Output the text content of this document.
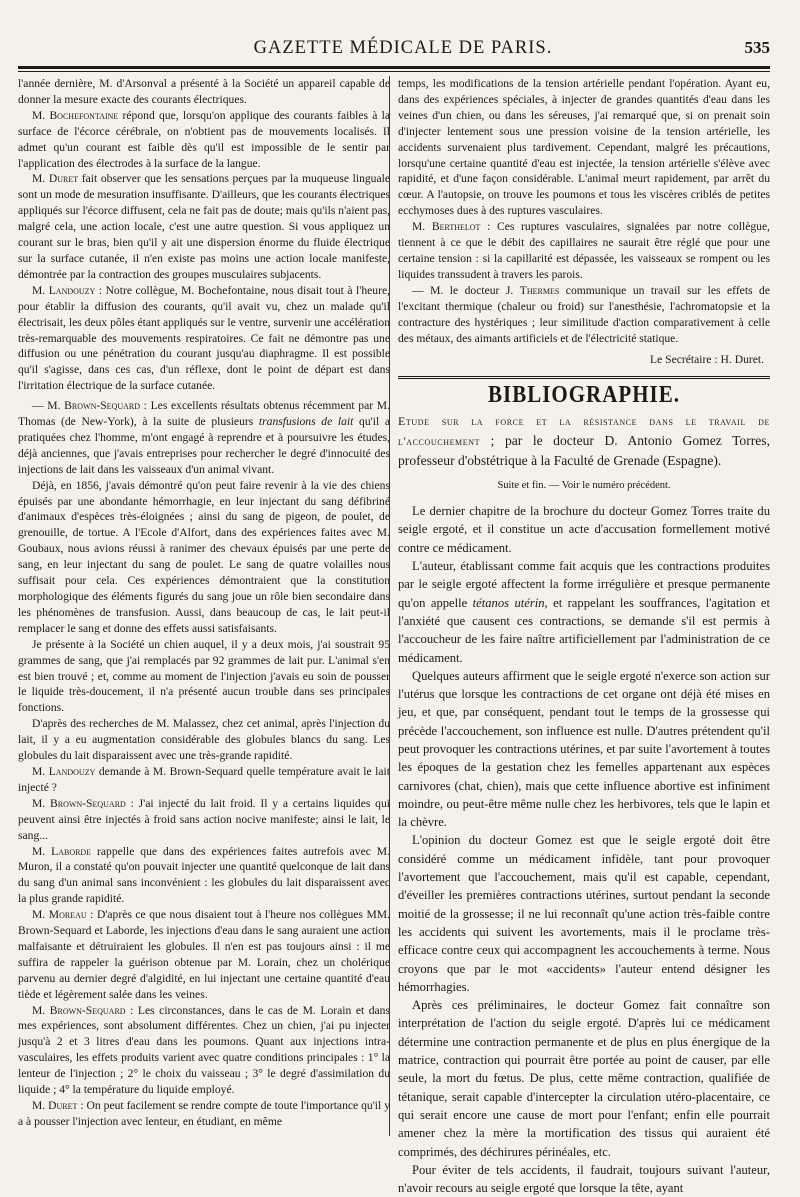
GAZETTE MÉDICALE DE PARIS.	535

l'année dernière, M. d'Arsonval a présenté à la Société un appareil capable de donner la mesure exacte des courants électriques.

M. Bochefontaine répond que, lorsqu'on applique des courants faibles à la surface de l'écorce cérébrale, on n'obtient pas de mouvements localisés. Il admet qu'un courant est faible dès qu'il est impossible de le sentir par l'application des électrodes à la surface de la langue.

M. Duret fait observer que les sensations perçues par la muqueuse linguale sont un mode de mesuration insuffisante. D'ailleurs, que les courants électriques appliqués sur l'écorce diffusent, cela ne fait pas de doute; mais qu'ils n'aient pas, malgré cela, une action locale, c'est une autre question. Si vous appliquez un courant sur le bras, bien qu'il y ait une dispersion énorme du fluide électrique sur la surface cutanée, il n'en existe pas moins une action locale manifeste, démontrée par la contraction des groupes musculaires subjacents.

M. Landouzy : Notre collègue, M. Bochefontaine, nous disait tout à l'heure, pour établir la diffusion des courants, qu'il avait vu, chez un malade qu'il électrisait, les deux pôles étant appliqués sur le ventre, survenir une accélération très-remarquable des mouvements respiratoires. Ce fait ne démontre pas une diffusion ou une pénétration du courant jusqu'au diaphragme. Il est possible qu'il s'agisse, dans ces cas, d'un réflexe, dont le point de départ est dans l'irritation électrique de la surface cutanée.

— M. Brown-Sequard : Les excellents résultats obtenus récemment par M. Thomas (de New-York), à la suite de plusieurs transfusions de lait qu'il a pratiquées chez l'homme, m'ont engagé à reprendre et à poursuivre les études, déjà anciennes, que j'avais entreprises pour rechercher le degré d'innocuité des injections de lait dans les vaisseaux d'un animal vivant.

Déjà, en 1856, j'avais démontré qu'on peut faire revenir à la vie des chiens épuisés par une abondante hémorrhagie, en leur injectant du sang défibriné d'animaux d'espèces très-éloignées ; ainsi du sang de pigeon, de poulet, de grenouille, de tortue. A l'Ecole d'Alfort, dans des expériences faites avec M. Goubaux, nous avions réussi à ranimer des chevaux épuisés par une perte de sang, en leur injectant du sang de poulet. Le sang de quatre volailles nous suffisait pour cela. Ces expériences démontraient que la constitution morphologique des éléments figurés du sang joue un rôle bien secondaire dans les phénomènes de transfusion. Aussi, dans beaucoup de cas, le lait peut-il remplacer le sang et donne des effets aussi satisfaisants.

Je présente à la Société un chien auquel, il y a deux mois, j'ai soustrait 95 grammes de sang, que j'ai remplacés par 92 grammes de lait pur. L'animal s'en est bien trouvé ; et, comme au moment de l'injection j'avais eu soin de pousser le liquide très-doucement, il n'a présenté aucun trouble dans ses principales fonctions.

D'après des recherches de M. Malassez, chez cet animal, après l'injection du lait, il y a eu augmentation considérable des globules blancs du sang. Les globules du lait disparaissent avec une très-grande rapidité.

M. Landouzy demande à M. Brown-Sequard quelle température avait le lait injecté ?

M. Brown-Sequard : J'ai injecté du lait froid. Il y a certains liquides qui peuvent ainsi être injectés à froid sans action nocive manifeste; ainsi le lait, le sang...

M. Laborde rappelle que dans des expériences faites autrefois avec M. Muron, il a constaté qu'on pouvait injecter une quantité quelconque de lait dans du sang d'un animal sans inconvénient : les globules du lait disparaissent avec la plus grande rapidité.

M. Moreau : D'après ce que nous disaient tout à l'heure nos collègues MM. Brown-Sequard et Laborde, les injections d'eau dans le sang auraient une action malfaisante et détruiraient les globules. Il n'en est pas toujours ainsi : il me suffira de rappeler la guérison obtenue par M. Lorain, chez un cholérique parvenu au dernier degré d'algidité, en lui injectant une certaine quantité d'eau tiède et légèrement salée dans les veines.

M. Brown-Sequard : Les circonstances, dans le cas de M. Lorain et dans mes expériences, sont absolument différentes. Chez un chien, j'ai pu injecter jusqu'à 2 et 3 litres d'eau dans les poumons. Quant aux injections intra-vasculaires, les effets produits varient avec quatre conditions principales : 1° la lenteur de l'injection ; 2° le choix du vaisseau ; 3° le degré d'assimilation du liquide ; 4° la température du liquide employé.

M. Duret : On peut facilement se rendre compte de toute l'importance qu'il y a à pousser l'injection avec lenteur, en étudiant, en même

temps, les modifications de la tension artérielle pendant l'opération. Ayant eu, dans des expériences spéciales, à injecter de grandes quantités d'eau dans les veines d'un chien, ou dans les séreuses, j'ai remarqué que, si on prenait soin d'injecter lentement sous une pression voisine de la tension artérielle, les accidents survenaient plus tardivement. Cependant, malgré les précautions, lorsqu'une certaine quantité d'eau est injectée, la tension artérielle s'élève avec rapidité, et d'une façon considérable. L'animal meurt rapidement, par arrêt du cœur. A l'autopsie, on trouve les poumons et tous les viscères criblés de petites ecchymoses dues à des ruptures vasculaires.

M. Berthelot : Ces ruptures vasculaires, signalées par notre collègue, tiennent à ce que le débit des capillaires ne saurait être réglé que pour une certaine tension : si la capillarité est dépassée, les vaisseaux se rompent ou les liquides transsudent à travers les parois.

— M. le docteur J. Thermes communique un travail sur les effets de l'excitant thermique (chaleur ou froid) sur l'anesthésie, l'achromatopsie et la contracture des hystériques ; leur similitude d'action comparativement à celle des métaux, des aimants artificiels et de l'électricité statique.

Le Secrétaire : H. Duret.

BIBLIOGRAPHIE.

Etude sur la force et la résistance dans le travail de l'accouchement ; par le docteur D. Antonio Gomez Torres, professeur d'obstétrique à la Faculté de Grenade (Espagne).

Suite et fin. — Voir le numéro précédent.

Le dernier chapitre de la brochure du docteur Gomez Torres traite du seigle ergoté, et il constitue un acte d'accusation formellement motivé contre ce médicament.

L'auteur, établissant comme fait acquis que les contractions produites par le seigle ergoté affectent la forme irrégulière et presque permanente qu'on appelle tétanos utérin, et rappelant les souffrances, l'agitation et l'anxiété que causent ces contractions, se demande s'il est permis à l'accoucheur de les faire naître artificiellement par l'administration de ce médicament.

Quelques auteurs affirment que le seigle ergoté n'exerce son action sur l'utérus que lorsque les contractions de cet organe ont déjà été mises en jeu, et que, par conséquent, pendant tout le temps de la grossesse qui précède l'accouchement, son influence est nulle. D'autres prétendent qu'il peut provoquer les contractions utérines, et par suite l'avortement à toutes les époques de la gestation chez les femelles appartenant aux espèces carnivores (chat, chien), mais que cette influence abortive est infiniment moindre, ou peut-être même nulle chez les herbivores, tels que le lapin et la chèvre.

L'opinion du docteur Gomez est que le seigle ergoté doit être considéré comme un médicament infidèle, tant pour provoquer l'avortement que l'accouchement, mais qu'il est capable, cependant, d'éveiller les premières contractions utérines, surtout pendant la seconde moitié de la grossesse; il ne lui reconnaît qu'une action très-faible contre les accidents qui suivent les avortements, mais il le proclame très-efficace contre ceux qui accompagnent les accouchements à terme. Nous croyons que par le mot «accidents» l'auteur entend désigner les hémorrhagies.

Après ces préliminaires, le docteur Gomez fait connaître son interprétation de l'action du seigle ergoté. D'après lui ce médicament détermine une contraction permanente et de plus en plus énergique de la matrice, contraction qui pourrait être portée au point de causer, par elle seule, la mort du fœtus. De plus, cette même contraction, qualifiée de tétanique, serait capable d'intercepter la circulation utéro-placentaire, ce qui serait encore une cause de mort pour l'enfant; enfin elle pourrait amener chez la mère la mortification des tissus qui auraient été comprimés, des déchirures périnéales, etc.

Pour éviter de tels accidents, il faudrait, toujours suivant l'auteur, n'avoir recours au seigle ergoté que lorsque la tête, ayant
